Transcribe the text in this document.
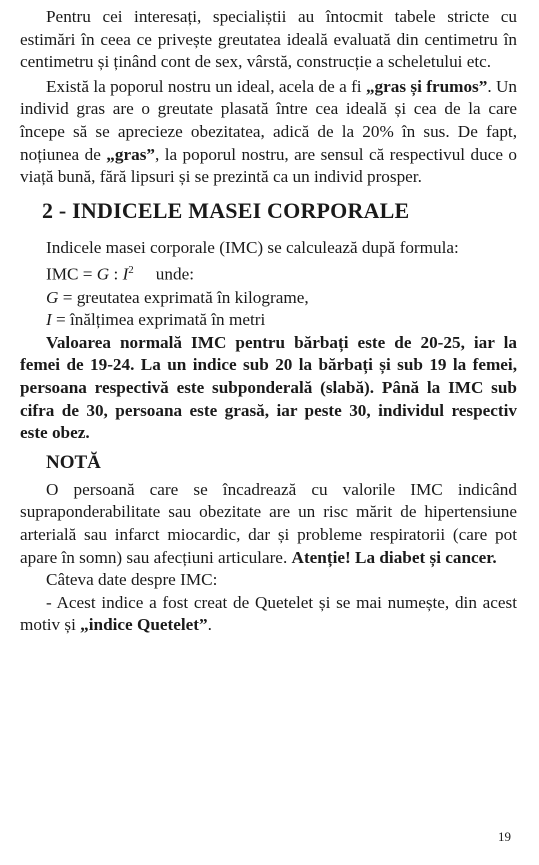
Pentru cei interesați, specialiștii au întocmit tabele stricte cu estimări în ceea ce privește greutatea ideală evaluată din centimetru în centimetru și ținând cont de sex, vârstă, construcție a scheletului etc.

Există la poporul nostru un ideal, acela de a fi „gras și frumos”. Un individ gras are o greutate plasată între cea ideală și cea de la care începe să se aprecieze obezitatea, adică de la 20% în sus. De fapt, noțiunea de „gras”, la poporul nostru, are sensul că respectivul duce o viață bună, fără lipsuri și se prezintă ca un individ prosper.

2 - INDICELE MASEI CORPORALE

Indicele masei corporale (IMC) se calculează după formula:

IMC = G : $I^2$ unde:

G = greutatea exprimată în kilograme,

I = înălțimea exprimată în metri

Valoarea normală IMC pentru bărbați este de 20-25, iar la femei de 19-24. La un indice sub 20 la bărbați și sub 19 la femei, persoana respectivă este subponderală (slabă). Până la IMC sub cifra de 30, persoana este grasă, iar peste 30, individul respectiv este obez.

NOTĂ

O persoană care se încadrează cu valorile IMC indicând supraponderabilitate sau obezitate are un risc mărit de hipertensiune arterială sau infarct miocardic, dar și probleme respiratorii (care pot apare în somn) sau afecțiuni articulare. Atenție! La diabet și cancer.

Câteva date despre IMC:

- Acest indice a fost creat de Quetelet și se mai numește, din acest motiv și „indice Quetelet”.

19
